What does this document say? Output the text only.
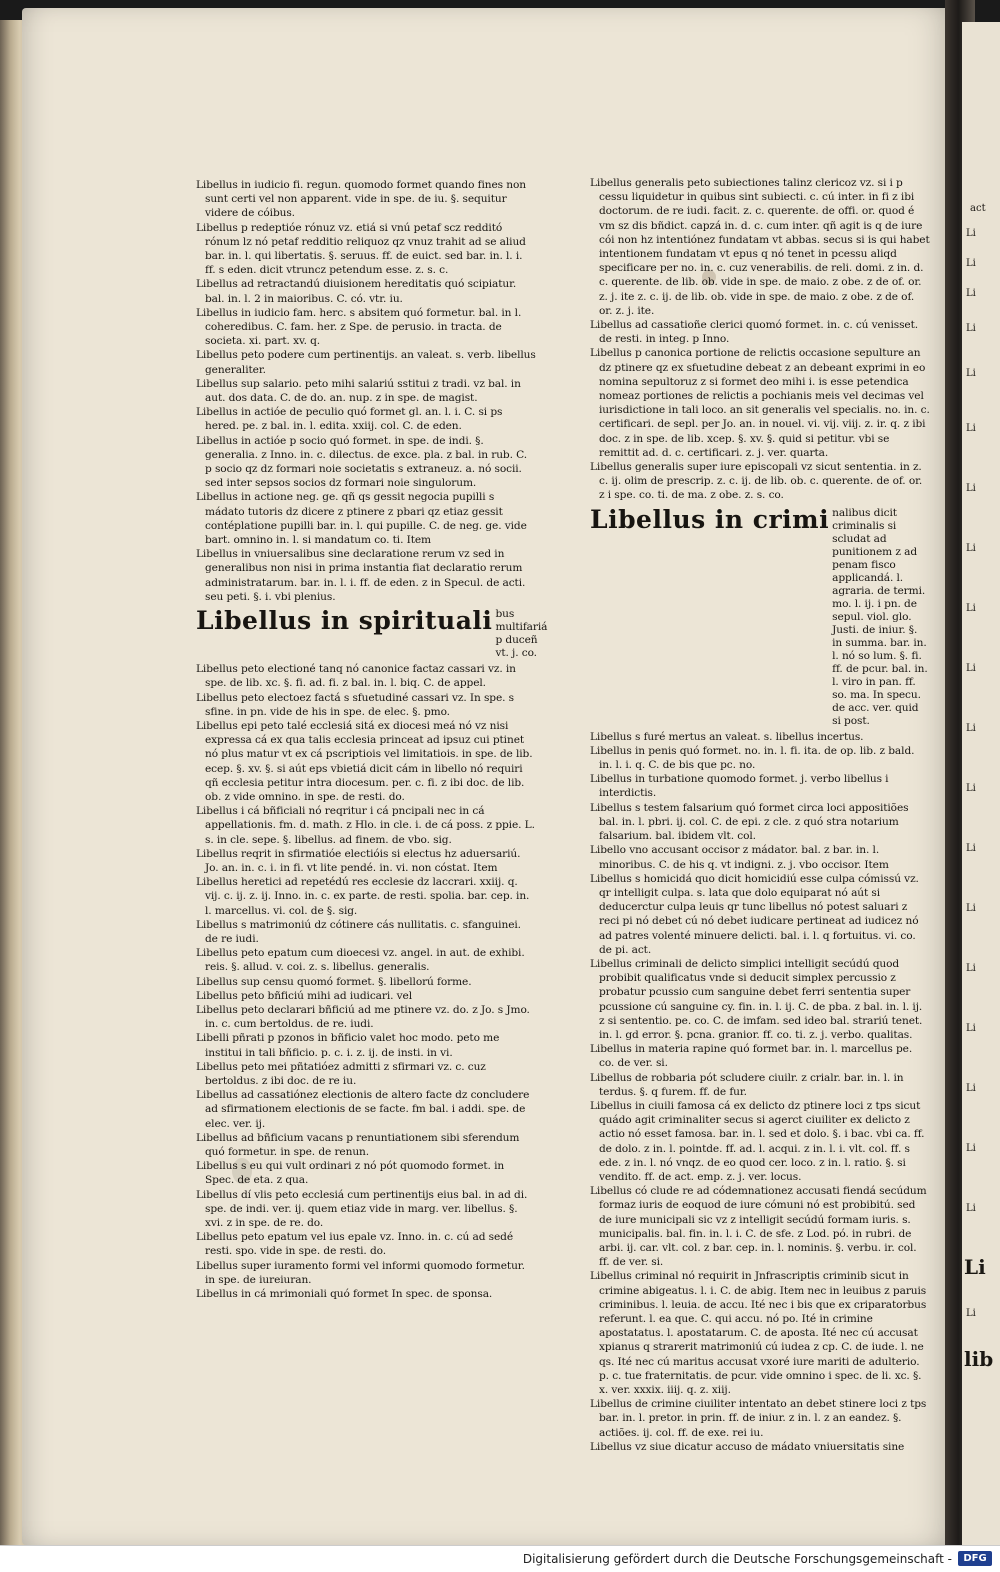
act
Li
Li
Li
Li
Li
Li
Li
Li
Li
Li
Li
Li
Li
Li
Li
Li
Li
Li
Li
Li
Li
lib

Libellus in iudicio fi. regun. quomodo formet quando fines non sunt certi vel non apparent. vide in spe. de iu. §. sequitur videre de cóibus.

Libellus p redeptióe rónuz vz. etiá si vnú petaf scz redditó rónum lz nó petaf redditio reliquoz qz vnuz trahit ad se aliud bar. in. l. qui libertatis. §. seruus. ff. de euict. sed bar. in. l. i. ff. s eden. dicit vtruncz petendum esse. z. s. c.

Libellus ad retractandú diuisionem hereditatis quó scipiatur. bal. in. l. 2 in maioribus. C. có. vtr. iu.

Libellus in iudicio fam. herc. s absitem quó formetur. bal. in l. coheredibus. C. fam. her. z Spe. de perusio. in tracta. de societa. xi. part. xv. q.

Libellus peto podere cum pertinentijs. an valeat. s. verb. libellus generaliter.

Libellus sup salario. peto mihi salariú sstitui z tradi. vz bal. in aut. dos data. C. de do. an. nup. z in spe. de magist.

Libellus in actióe de peculio quó formet gl. an. l. i. C. si ps hered. pe. z bal. in. l. edita. xxiij. col. C. de eden.

Libellus in actióe p socio quó formet. in spe. de indi. §. generalia. z Inno. in. c. dilectus. de exce. pla. z bal. in rub. C. p socio qz dz formari noie societatis s extraneuz. a. nó socii. sed inter sepsos socios dz formari noie singulorum.

Libellus in actione neg. ge. qñ qs gessit negocia pupilli s mádato tutoris dz dicere z ptinere z pbari qz etiaz gessit contéplatione pupilli bar. in. l. qui pupille. C. de neg. ge. vide bart. omnino in. l. si mandatum co. ti. Item

Libellus in vniuersalibus sine declaratione rerum vz sed in generalibus non nisi in prima instantia fiat declaratio rerum administratarum. bar. in. l. i. ff. de eden. z in Specul. de acti. seu peti. §. i. vbi plenius.

Libellus in spirituali bus multifariá p duceñ vt. j. co.

Libellus peto electioné tanq nó canonice factaz cassari vz. in spe. de lib. xc. §. fi. ad. fi. z bal. in. l. biq. C. de appel.

Libellus peto electoez factá s sfuetudiné cassari vz. In spe. s sfine. in pn. vide de his in spe. de elec. §. pmo.

Libellus epi peto talé ecclesiá sitá ex diocesi meá nó vz nisi expressa cá ex qua talis ecclesia princeat ad ipsuz cui ptinet nó plus matur vt ex cá pscriptiois vel limitatiois. in spe. de lib. ecep. §. xv. §. si aút eps vbietiá dicit cám in libello nó requiri qñ ecclesia petitur intra diocesum. per. c. fi. z ibi doc. de lib. ob. z vide omnino. in spe. de resti. do.

Libellus i cá bñficiali nó reqritur i cá pncipali nec in cá appellationis. fm. d. math. z Hlo. in cle. i. de cá poss. z ppie. L. s. in cle. sepe. §. libellus. ad finem. de vbo. sig.

Libellus reqrit in sfirmatióe electióis si electus hz aduersariú. Jo. an. in. c. i. in fi. vt lite pendé. in. vi. non cóstat. Item

Libellus heretici ad repetédú res ecclesie dz laccrari. xxiij. q. vij. c. ij. z. ij. Inno. in. c. ex parte. de resti. spolia. bar. cep. in. l. marcellus. vi. col. de §. sig.

Libellus s matrimoniú dz cótinere cás nullitatis. c. sfanguinei. de re iudi.

Libellus peto epatum cum dioecesi vz. angel. in aut. de exhibi. reis. §. allud. v. coi. z. s. libellus. generalis.

Libellus sup censu quomó formet. §. libellorú forme.

Libellus peto bñficiú mihi ad iudicari. vel

Libellus peto declarari bñficiú ad me ptinere vz. do. z Jo. s Jmo. in. c. cum bertoldus. de re. iudi.

Libelli pñrati p pzonos in bñficio valet hoc modo. peto me institui in tali bñficio. p. c. i. z. ij. de insti. in vi.

Libellus peto mei pñtatióez admitti z sfirmari vz. c. cuz bertoldus. z ibi doc. de re iu.

Libellus ad cassatiónez electionis de altero facte dz concludere ad sfirmationem electionis de se facte. fm bal. i addi. spe. de elec. ver. ij.

Libellus ad bñficium vacans p renuntiationem sibi sferendum quó formetur. in spe. de renun.

Libellus s eu qui vult ordinari z nó pót quomodo formet. in Spec. de eta. z qua.

Libellus dí vlis peto ecclesiá cum pertinentijs eius bal. in ad di. spe. de indi. ver. ij. quem etiaz vide in marg. ver. libellus. §. xvi. z in spe. de re. do.

Libellus peto epatum vel ius epale vz. Inno. in. c. cú ad sedé resti. spo. vide in spe. de resti. do.

Libellus super iuramento formi vel informi quomodo formetur. in spe. de iureiuran.

Libellus in cá mrimoniali quó formet In spec. de sponsa.

Libellus generalis peto subiectiones talinz clericoz vz. si i p cessu liquidetur in quibus sint subiecti. c. cú inter. in fi z ibi doctorum. de re iudi. facit. z. c. querente. de offi. or. quod é vm sz dis bñdict. capzá in. d. c. cum inter. qñ agit is q de iure cói non hz intentiónez fundatam vt abbas. secus si is qui habet intentionem fundatam vt epus q nó tenet in pcessu aliqd specificare per no. in. c. cuz venerabilis. de reli. domi. z in. d. c. querente. de lib. ob. vide in spe. de maio. z obe. z de of. or. z. j. ite z. c. ij. de lib. ob. vide in spe. de maio. z obe. z de of. or. z. j. ite.

Libellus ad cassatioñe clerici quomó formet. in. c. cú venisset. de resti. in integ. p Inno.

Libellus p canonica portione de relictis occasione sepulture an dz ptinere qz ex sfuetudine debeat z an debeant exprimi in eo nomina sepultoruz z si formet deo mihi i. is esse petendica nomeaz portiones de relictis a pochianis meis vel decimas vel iurisdictione in tali loco. an sit generalis vel specialis. no. in. c. certificari. de sepl. per Jo. an. in nouel. vi. vij. viij. z. ir. q. z ibi doc. z in spe. de lib. xcep. §. xv. §. quid si petitur. vbi se remittit ad. d. c. certificari. z. j. ver. quarta.

Libellus generalis super iure episcopali vz sicut sententia. in z. c. ij. olim de prescrip. z. c. ij. de lib. ob. c. querente. de of. or. z i spe. co. ti. de ma. z obe. z. s. co.

Libellus in crimi nalibus dicit criminalis si scludat ad punitionem z ad penam fisco applicandá. l. agraria. de termi. mo. l. ij. i pn. de sepul. viol. glo. Justi. de iniur. §. in summa. bar. in. l. nó so lum. §. fi. ff. de pcur. bal. in. l. viro in pan. ff. so. ma. In specu. de acc. ver. quid si post.

Libellus s furé mertus an valeat. s. libellus incertus.

Libellus in penis quó formet. no. in. l. fi. ita. de op. lib. z bald. in. l. i. q. C. de bis que pc. no.

Libellus in turbatione quomodo formet. j. verbo libellus i interdictis.

Libellus s testem falsarium quó formet circa loci appositiões bal. in. l. pbri. ij. col. C. de epi. z cle. z quó stra notarium falsarium. bal. ibidem vlt. col.

Libello vno accusant occisor z mádator. bal. z bar. in. l. minoribus. C. de his q. vt indigni. z. j. vbo occisor. Item

Libellus s homicidá quo dicit homicidiú esse culpa cómissú vz. qr intelligit culpa. s. lata que dolo equiparat nó aút si deducerctur culpa leuis qr tunc libellus nó potest saluari z reci pi nó debet cú nó debet iudicare pertineat ad iudicez nó ad patres volenté minuere delicti. bal. i. l. q fortuitus. vi. co. de pi. act.

Libellus criminali de delicto simplici intelligit secúdú quod probibit qualificatus vnde si deducit simplex percussio z probatur pcussio cum sanguine debet ferri sententia super pcussione cú sanguine cy. fin. in. l. ij. C. de pba. z bal. in. l. ij. z si sententio. pe. co. C. de imfam. sed ideo bal. strariú tenet. in. l. gd error. §. pcna. granior. ff. co. ti. z. j. verbo. qualitas.

Libellus in materia rapine quó formet bar. in. l. marcellus pe. co. de ver. si.

Libellus de robbaria pót scludere ciuilr. z crialr. bar. in. l. in terdus. §. q furem. ff. de fur.

Libellus in ciuili famosa cá ex delicto dz ptinere loci z tps sicut quádo agit criminaliter secus si agerct ciuiliter ex delicto z actio nó esset famosa. bar. in. l. sed et dolo. §. i bac. vbi ca. ff. de dolo. z in. l. pointde. ff. ad. l. acqui. z in. l. i. vlt. col. ff. s ede. z in. l. nó vnqz. de eo quod cer. loco. z in. l. ratio. §. si vendito. ff. de act. emp. z. j. ver. locus.

Libellus có clude re ad códemnationez accusati fiendá secúdum formaz iuris de eoquod de iure cómuni nó est probibitú. sed de iure municipali sic vz z intelligit secúdú formam iuris. s. municipalis. bal. fin. in. l. i. C. de sfe. z Lod. pó. in rubri. de arbi. ij. car. vlt. col. z bar. cep. in. l. nominis. §. verbu. ir. col. ff. de ver. si.

Libellus criminal nó requirit in Jnfrascriptis criminib sicut in crimine abigeatus. l. i. C. de abig. Item nec in leuibus z paruis criminibus. l. leuia. de accu. Ité nec i bis que ex criparatorbus referunt. l. ea que. C. qui accu. nó po. Ité in crimine apostatatus. l. apostatarum. C. de aposta. Ité nec cú accusat xpianus q strarerit matrimoniú cú iudea z cp. C. de iude. l. ne qs. Ité nec cú maritus accusat vxoré iure mariti de adulterio. p. c. tue fraternitatis. de pcur. vide omnino i spec. de li. xc. §. x. ver. xxxix. iiij. q. z. xiij.

Libellus de crimine ciuiliter intentato an debet stinere loci z tps bar. in. l. pretor. in prin. ff. de iniur. z in. l. z an eandez. §. actiões. ij. col. ff. de exe. rei iu.

Libellus vz siue dicatur accuso de mádato vniuersitatis sine

Digitalisierung gefördert durch die Deutsche Forschungsgemeinschaft -	DFG
